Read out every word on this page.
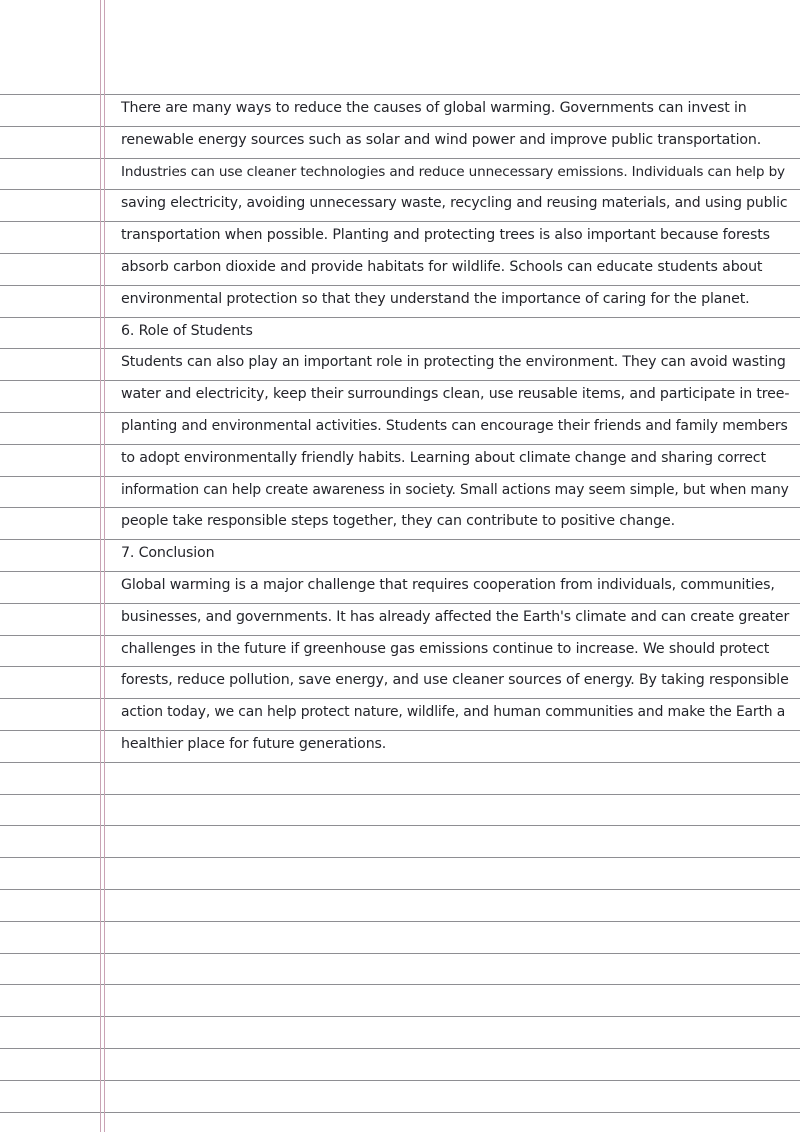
There are many ways to reduce the causes of global warming. Governments can invest in
renewable energy sources such as solar and wind power and improve public transportation.
Industries can use cleaner technologies and reduce unnecessary emissions. Individuals can help by
saving electricity, avoiding unnecessary waste, recycling and reusing materials, and using public
transportation when possible. Planting and protecting trees is also important because forests
absorb carbon dioxide and provide habitats for wildlife. Schools can educate students about
environmental protection so that they understand the importance of caring for the planet.
6. Role of Students
Students can also play an important role in protecting the environment. They can avoid wasting
water and electricity, keep their surroundings clean, use reusable items, and participate in tree-
planting and environmental activities. Students can encourage their friends and family members
to adopt environmentally friendly habits. Learning about climate change and sharing correct
information can help create awareness in society. Small actions may seem simple, but when many
people take responsible steps together, they can contribute to positive change.
7. Conclusion
Global warming is a major challenge that requires cooperation from individuals, communities,
businesses, and governments. It has already affected the Earth's climate and can create greater
challenges in the future if greenhouse gas emissions continue to increase. We should protect
forests, reduce pollution, save energy, and use cleaner sources of energy. By taking responsible
action today, we can help protect nature, wildlife, and human communities and make the Earth a
healthier place for future generations.
